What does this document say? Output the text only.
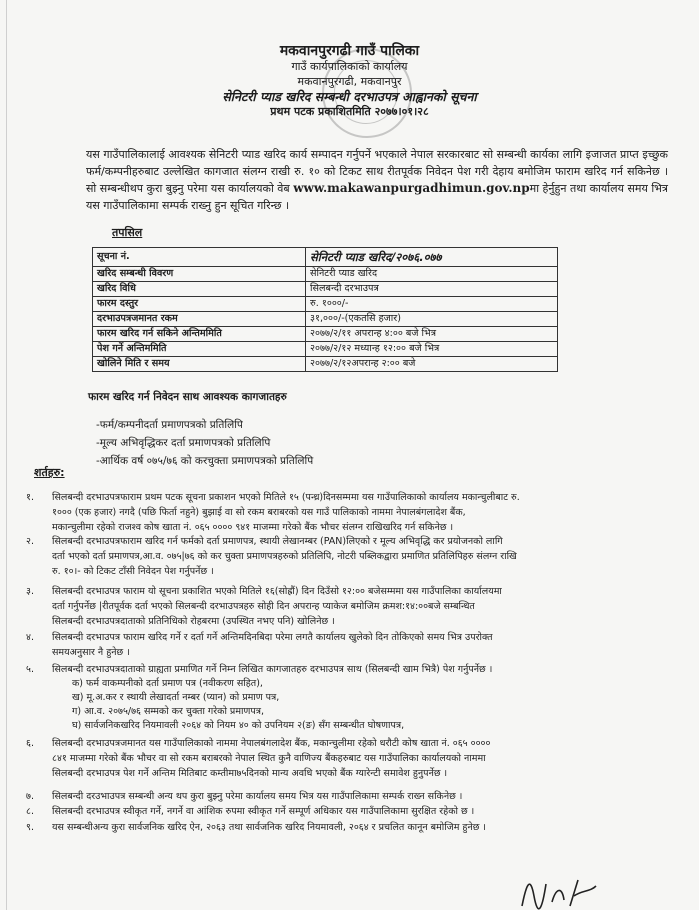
मकवानपुरगढी गाउँ पालिका
गाउँ कार्यपालिकाको कार्यालय
मकवानपुरगढी, मकवानपुर
सेनिटरी प्याड खरिद सम्बन्धी दरभाउपत्र आह्वानको सूचना
प्रथम पटक प्रकाशितमिति २०७७।०१।२८

यस गाउँपालिकालाई आवश्यक सेनिटरी प्याड खरिद कार्य सम्पादन गर्नुपर्ने भएकाले नेपाल सरकारबाट सो सम्बन्धी कार्यका लागि इजाजत प्राप्त इच्छुक फर्म/कम्पनीहरुबाट उल्लेखित कागजात संलग्न राखी रु. १० को टिकट साथ रीतपूर्वक निवेदन पेश गरी देहाय बमोजिम फाराम खरिद गर्न सकिनेछ । सो सम्बन्धीथप कुरा बुझ्नु परेमा यस कार्यालयको वेब www.makawanpurgadhimun.gov.npमा हेर्नुहुन तथा कार्यालय समय भित्र यस गाउँपालिकामा सम्पर्क राख्नु हुन सूचित गरिन्छ ।

तपसिल
सूचना नं.	सेनिटरी प्याड खरिद/२०७६.०७७
खरिद सम्बन्धी विवरण	सेनिटरी प्याड खरिद
खरिद विधि	सिलबन्दी दरभाउपत्र
फारम दस्तुर	रु. १०००/-
दरभाउपत्रजमानत रकम	३१,०००/-(एकतसि हजार)
फारम खरिद गर्न सकिने अन्तिममिति	२०७७/२/११ अपरान्ह ४:०० बजे भित्र
पेश गर्ने अन्तिममिति	२०७७/२/१२ मध्यान्ह १२:०० बजे भित्र
खोलिने मिति र समय	२०७७/२/१२अपरान्ह २:०० बजे
फारम खरिद गर्न निवेदन साथ आवश्यक कागजातहरु
-फर्म/कम्पनीदर्ता प्रमाणपत्रको प्रतिलिपि
-मूल्य अभिवृद्धिकर दर्ता प्रमाणपत्रको प्रतिलिपि
-आर्थिक वर्ष ०७५/७६ को करचुक्ता प्रमाणपत्रको प्रतिलिपि
शर्तहरु:
१. सिलबन्दी दरभाउपत्रफाराम प्रथम पटक सूचना प्रकाशन भएको मितिले १५ (पन्ध्र)दिनसम्ममा यस गाउँपालिकाको कार्यालय मकान्चुलीबाट रु.
१००० (एक हजार) नगदै (पछि फिर्ता नहुने) बुझाई वा सो रकम बराबरको यस गाउँ पालिकाको नाममा नेपालबंगलादेश बैंक,
मकान्चुलीमा रहेको राजश्व कोष खाता नं. ०६५ ०००० ९४१ माजम्मा गरेको बैंक भौचर संलग्न राखिखरिद गर्न सकिनेछ ।
२. सिलबन्दी दरभाउपत्रफाराम खरिद गर्न फर्मको दर्ता प्रमाणपत्र, स्थायी लेखानम्बर (PAN)लिएको र मूल्य अभिवृद्धि कर प्रयोजनको लागि
दर्ता भएको दर्ता प्रमाणपत्र,आ.व. ०७५|७६ को कर चुक्ता प्रमाणपत्रहरुको प्रतिलिपि, नोटरी पब्लिकद्वारा प्रमाणित प्रतिलिपिहरु संलग्न राखि
रु. १०।- को टिकट टाँसी निवेदन पेश गर्नुपर्नेछ ।
३. सिलबन्दी दरभाउपत्र फाराम यो सूचना प्रकाशित भएको मितिले १६(सोह्रौं) दिन दिउँसो १२:०० बजेसम्ममा यस गाउँपालिका कार्यालयमा
दर्ता गर्नुपर्नेछ |रीतपूर्वक दर्ता भएको सिलबन्दी दरभाउपत्रहरु सोही दिन अपरान्ह प्याकेज बमोजिम क्रमश:१४:००बजे सम्बन्धित
सिलबन्दी दरभाउपत्रदाताको प्रतिनिधिको रोहबरमा (उपस्थित नभए पनि) खोलिनेछ ।
४. सिलबन्दी दरभाउपत्र फाराम खरिद गर्ने र दर्ता गर्ने अन्तिमदिनबिदा परेमा लगतै कार्यालय खुलेको दिन तोकिएको समय भित्र उपरोक्त
समयअनुसार नै हुनेछ ।
५. सिलबन्दी दरभाउपत्रदाताको ग्राह्यता प्रमाणित गर्ने निम्न लिखित कागजातहरु दरभाउपत्र साथ (सिलबन्दी खाम भित्रै) पेश गर्नुपर्नेछ ।
क) फर्म वाकम्पनीको दर्ता प्रमाण पत्र (नवीकरण सहित),
ख) मू.अ.कर र स्थायी लेखादर्ता नम्बर (प्यान) को प्रमाण पत्र,
ग) आ.व. २०७५/७६ सम्मको कर चुक्ता गरेको प्रमाणपत्र,
घ) सार्वजनिकखरिद नियमावली २०६४ को नियम ४० को उपनियम २(ङ) सँग सम्बन्धीत घोषणापत्र,
६. सिलबन्दी दरभाउपत्रजमानत यस गाउँपालिकाको नाममा नेपालबंगलादेश बैंक, मकान्चुलीमा रहेको धरौटी कोष खाता नं. ०६५ ००००
८४१ माजम्मा गरेको बैंक भौचर वा सो रकम बराबरको नेपाल स्थित कुनै वाणिज्य बैंकहरुबाट यस गाउँपालिका कार्यालयको नाममा
सिलबन्दी दरभाउपत्र पेश गर्ने अन्तिम मितिबाट कम्तीमा७५दिनको मान्य अवधि भएको बैंक ग्यारेन्टी समावेश हुनुपर्नेछ ।
७. सिलबन्दी दरउभाउपत्र सम्बन्धी अन्य थप कुरा बुझ्नु परेमा कार्यालय समय भित्र यस गाउँपालिकामा सम्पर्क राख्न सकिनेछ ।
८. सिलबन्दी दरभाउपत्र स्वीकृत गर्ने, नगर्ने वा आंशिक रुपमा स्वीकृत गर्ने सम्पूर्ण अधिकार यस गाउँपालिकामा सुरक्षित रहेको छ ।
९. यस सम्बन्धीअन्य कुरा सार्वजनिक खरिद ऐन, २०६३ तथा सार्वजनिक खरिद नियमावली, २०६४ र प्रचलित कानून बमोजिम हुनेछ ।
